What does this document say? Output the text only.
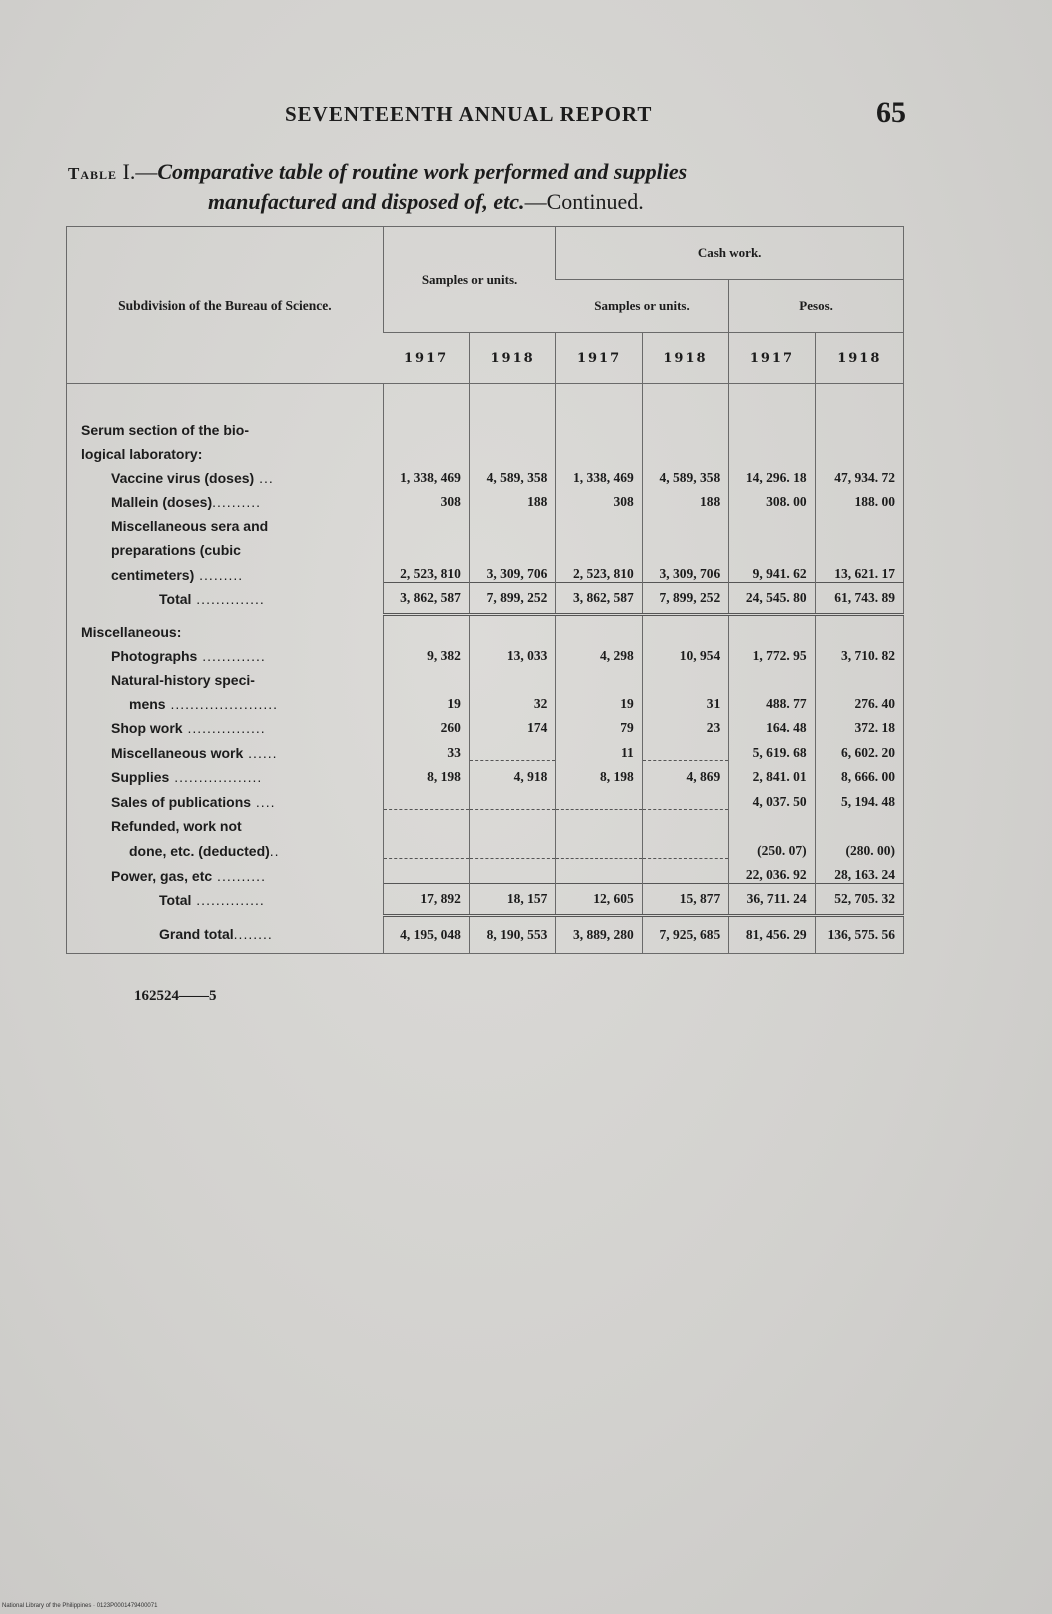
SEVENTEENTH ANNUAL REPORT	65
Table I.—Comparative table of routine work performed and supplies
manufactured and disposed of, etc.—Continued.
Subdivision of the Bureau of Science.	Samples or units.		Cash work.			
			Samples or units.		Pesos.	
	1917	1918	1917	1918	1917	1918

Serum section of the bio-						
logical laboratory:						
Vaccine virus (doses) ...	1, 338, 469	4, 589, 358	1, 338, 469	4, 589, 358	14, 296. 18	47, 934. 72
Mallein (doses)..........	308	188	308	188	308. 00	188. 00
Miscellaneous sera and						
preparations (cubic						
centimeters) .........	2, 523, 810	3, 309, 706	2, 523, 810	3, 309, 706	9, 941. 62	13, 621. 17
Total ..............	3, 862, 587	7, 899, 252	3, 862, 587	7, 899, 252	24, 545. 80	61, 743. 89
Miscellaneous:						
Photographs .............	9, 382	13, 033	4, 298	10, 954	1, 772. 95	3, 710. 82
Natural-history speci-						
mens ......................	19	32	19	31	488. 77	276. 40
Shop work ................	260	174	79	23	164. 48	372. 18
Miscellaneous work ......	33		11		5, 619. 68	6, 602. 20
Supplies ..................	8, 198	4, 918	8, 198	4, 869	2, 841. 01	8, 666. 00
Sales of publications ....					4, 037. 50	5, 194. 48
Refunded, work not						
done, etc. (deducted)..					(250. 07)	(280. 00)
Power, gas, etc ..........					22, 036. 92	28, 163. 24
Total ..............	17, 892	18, 157	12, 605	15, 877	36, 711. 24	52, 705. 32
Grand total........	4, 195, 048	8, 190, 553	3, 889, 280	7, 925, 685	81, 456. 29	136, 575. 56
162524——5
National Library of the Philippines · 0123P0001479400071
